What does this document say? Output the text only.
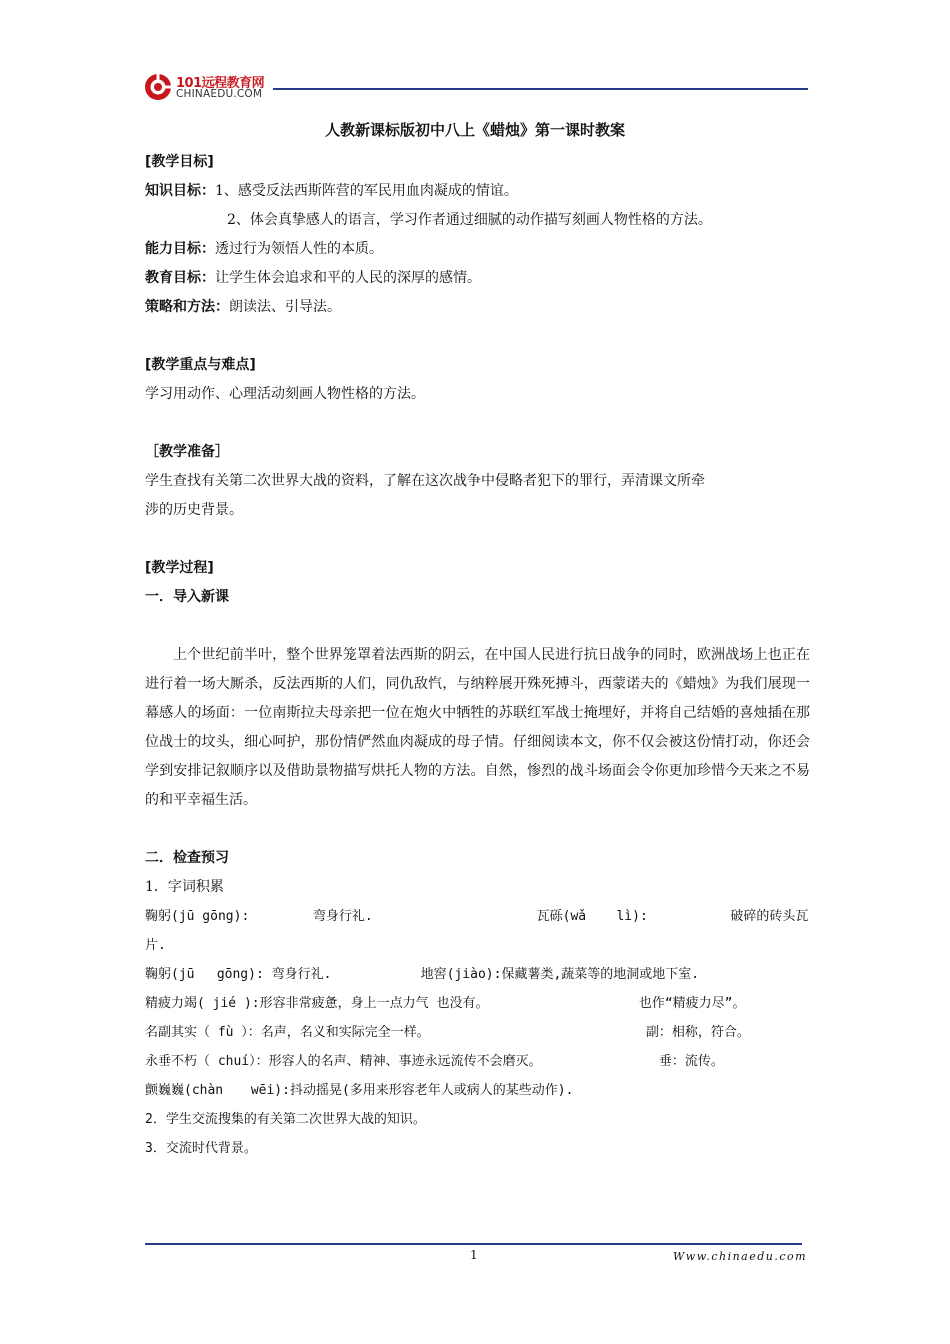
101远程教育网
CHINAEDU.COM
人教新课标版初中八上《蜡烛》第一课时教案
[教学目标]
知识目标：1、感受反法西斯阵营的军民用血肉凝成的情谊。
2、体会真挚感人的语言，学习作者通过细腻的动作描写刻画人物性格的方法。
能力目标：透过行为领悟人性的本质。
教育目标：让学生体会追求和平的人民的深厚的感情。
策略和方法：朗读法、引导法。
[教学重点与难点]
学习用动作、心理活动刻画人物性格的方法。
［教学准备］
学生查找有关第二次世界大战的资料，了解在这次战争中侵略者犯下的罪行，弄清课文所牵
涉的历史背景。
[教学过程]
一．导入新课
上个世纪前半叶，整个世界笼罩着法西斯的阴云，在中国人民进行抗日战争的同时，欧洲战场上也正在进行着一场大厮杀，反法西斯的人们，同仇敌忾，与纳粹展开殊死搏斗，西蒙诺夫的《蜡烛》为我们展现一幕感人的场面：一位南斯拉夫母亲把一位在炮火中牺牲的苏联红军战士掩埋好，并将自己结婚的喜烛插在那位战士的坟头，细心呵护，那份情俨然血肉凝成的母子情。仔细阅读本文，你不仅会被这份情打动，你还会学到安排记叙顺序以及借助景物描写烘托人物的方法。自然，惨烈的战斗场面会令你更加珍惜今天来之不易的和平幸福生活。
二．检查预习
1．字词积累
鞠躬(jū gōng):	弯身行礼.	瓦砾(wǎ lì):	破碎的砖头瓦
片.
鞠躬(jū gōng): 弯身行礼.	地窖(jiào):保藏薯类,蔬菜等的地洞或地下室.
精疲力竭( jié ):形容非常疲惫，身上一点力气 也没有。	也作“精疲力尽”。
名副其实（ fù ）：名声，名义和实际完全一样。	副：相称，符合。
永垂不朽（ chuí）：形容人的名声、精神、事迹永远流传不会磨灭。	垂：流传。
颤巍巍(chàn wēi):抖动摇晃(多用来形容老年人或病人的某些动作).
2．学生交流搜集的有关第二次世界大战的知识。
3．交流时代背景。
1	Www.chinaedu.com
